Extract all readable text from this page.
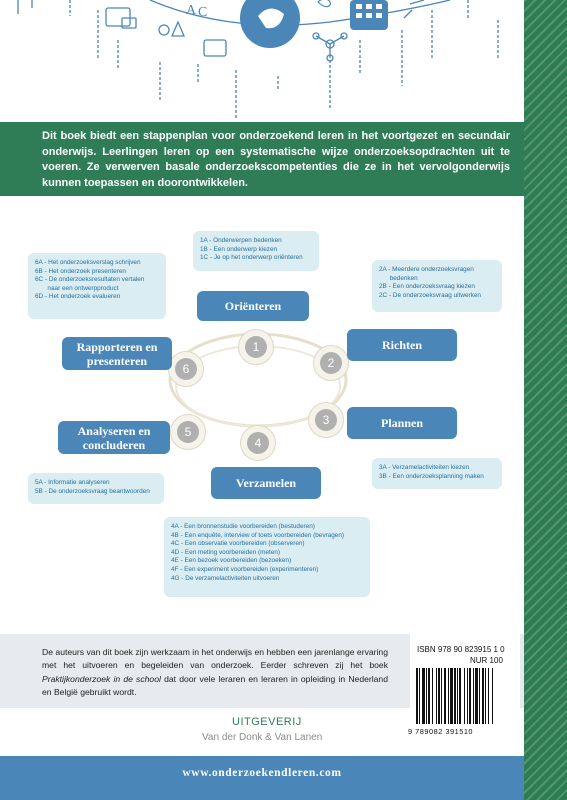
A C
Dit boek biedt een stappenplan voor onderzoekend leren in het voortgezet en secundair onderwijs. Leerlingen leren op een systematische wijze onderzoeksopdrachten uit te voeren. Ze verwerven basale onderzoekscompetenties die ze in het vervolgonderwijs kunnen toepassen en doorontwikkelen.
1A - Onderwerpen bedenken
1B - Een onderwerp kiezen
1C - Je op het onderwerp oriënteren
6A - Het onderzoeksverslag schrijven
6B - Het onderzoek presenteren
6C - De onderzoeksresultaten vertalen
naar een ontwerpproduct
6D - Het onderzoek evalueren
2A - Meerdere onderzoeksvragen
bedenken
2B - Een onderzoeksvraag kiezen
2C - De onderzoeksvraag uitwerken
3A - Verzamelactiviteiten kiezen
3B - Een onderzoeksplanning maken
5A - Informatie analyseren
5B - De onderzoeksvraag beantwoorden
4A - Een bronnenstudie voorbereiden (bestuderen)
4B - Een enquête, interview of toets voorbereiden (bevragen)
4C - Een observatie voorbereiden (observeren)
4D - Een meting voorbereiden (meten)
4E - Een bezoek voorbereiden (bezoeken)
4F - Een experiment voorbereiden (experimenteren)
4G - De verzamelactiviteiten uitvoeren
1
2
3
4
5
6
Oriënteren
Richten
Plannen
Verzamelen
Analyseren en concluderen
Rapporteren en presenteren
De auteurs van dit boek zijn werkzaam in het onderwijs en hebben een jarenlange ervaring met het uitvoeren en begeleiden van onderzoek. Eerder schreven zij het boek Praktijkonderzoek in de school dat door vele leraren en leraren in opleiding in Nederland en België gebruikt wordt.
ISBN 978 90 823915 1 0
NUR 100
9 789082 391510
UITGEVERIJ
Van der Donk & Van Lanen
www.onderzoekendleren.com
